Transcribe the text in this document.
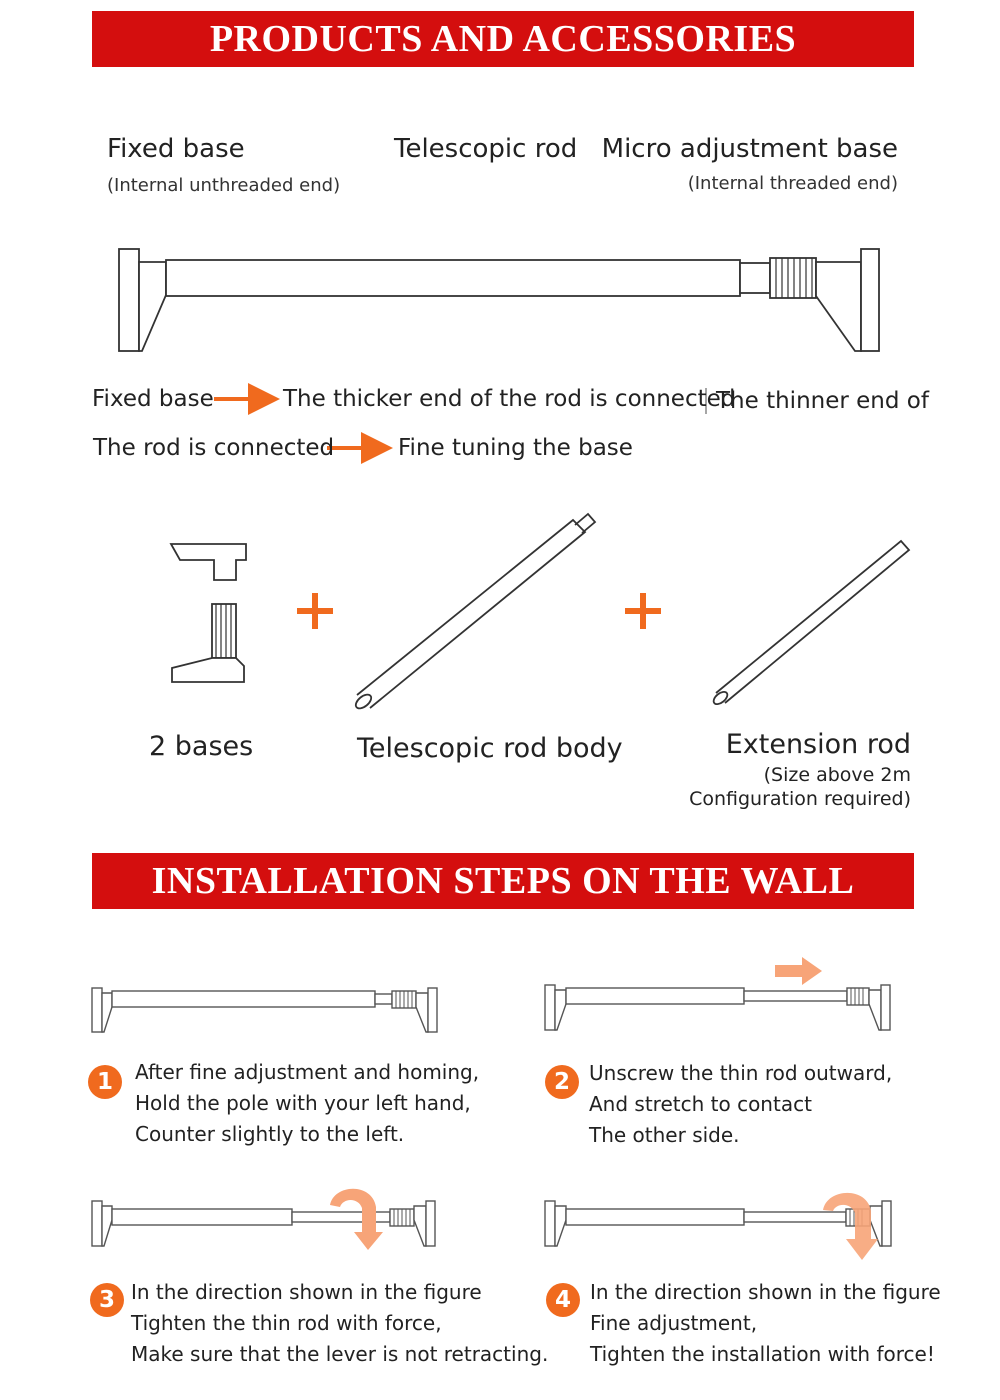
PRODUCTS AND ACCESSORIES
Fixed base
(Internal unthreaded end)
Telescopic rod Micro adjustment base
(Internal threaded end)
Fixed base	The thicker end of the rod is connected
The thinner end of
The rod is connected	Fine tuning the base
2 bases	Telescopic rod body	Extension rod
(Size above 2m
Configuration required)
INSTALLATION STEPS ON THE WALL
1	After fine adjustment and homing,
Hold the pole with your left hand,
Counter slightly to the left.
2 Unscrew the thin rod outward,
And stretch to contact
The other side.
3 In the direction shown in the figure
Tighten the thin rod with force,
Make sure that the lever is not retracting.
4 In the direction shown in the figure
Fine adjustment,
Tighten the installation with force!
